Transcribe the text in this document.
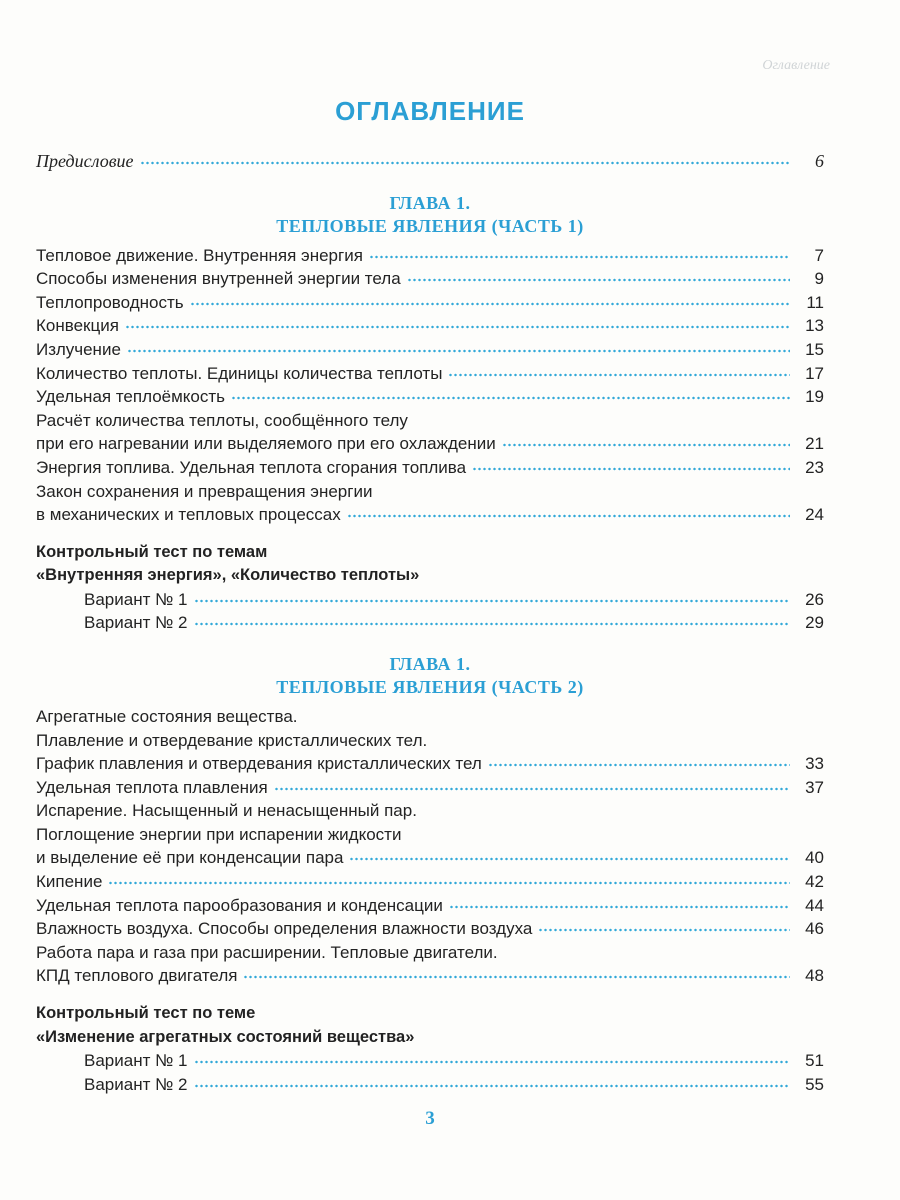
Оглавление
ОГЛАВЛЕНИЕ
Предисловие	6
ГЛАВА 1.
ТЕПЛОВЫЕ ЯВЛЕНИЯ (ЧАСТЬ 1)
Тепловое движение. Внутренняя энергия	7
Способы изменения внутренней энергии тела	9
Теплопроводность	11
Конвекция	13
Излучение	15
Количество теплоты. Единицы количества теплоты	17
Удельная теплоёмкость	19
Расчёт количества теплоты, сообщённого телу
при его нагревании или выделяемого при его охлаждении	21
Энергия топлива. Удельная теплота сгорания топлива	23
Закон сохранения и превращения энергии
в механических и тепловых процессах	24
Контрольный тест по темам
«Внутренняя энергия», «Количество теплоты»
Вариант № 1	26
Вариант № 2	29
ГЛАВА 1.
ТЕПЛОВЫЕ ЯВЛЕНИЯ (ЧАСТЬ 2)
Агрегатные состояния вещества.
Плавление и отвердевание кристаллических тел.
График плавления и отвердевания кристаллических тел	33
Удельная теплота плавления	37
Испарение. Насыщенный и ненасыщенный пар.
Поглощение энергии при испарении жидкости
и выделение её при конденсации пара	40
Кипение	42
Удельная теплота парообразования и конденсации	44
Влажность воздуха. Способы определения влажности воздуха	46
Работа пара и газа при расширении. Тепловые двигатели.
КПД теплового двигателя	48
Контрольный тест по теме
«Изменение агрегатных состояний вещества»
Вариант № 1	51
Вариант № 2	55
3
